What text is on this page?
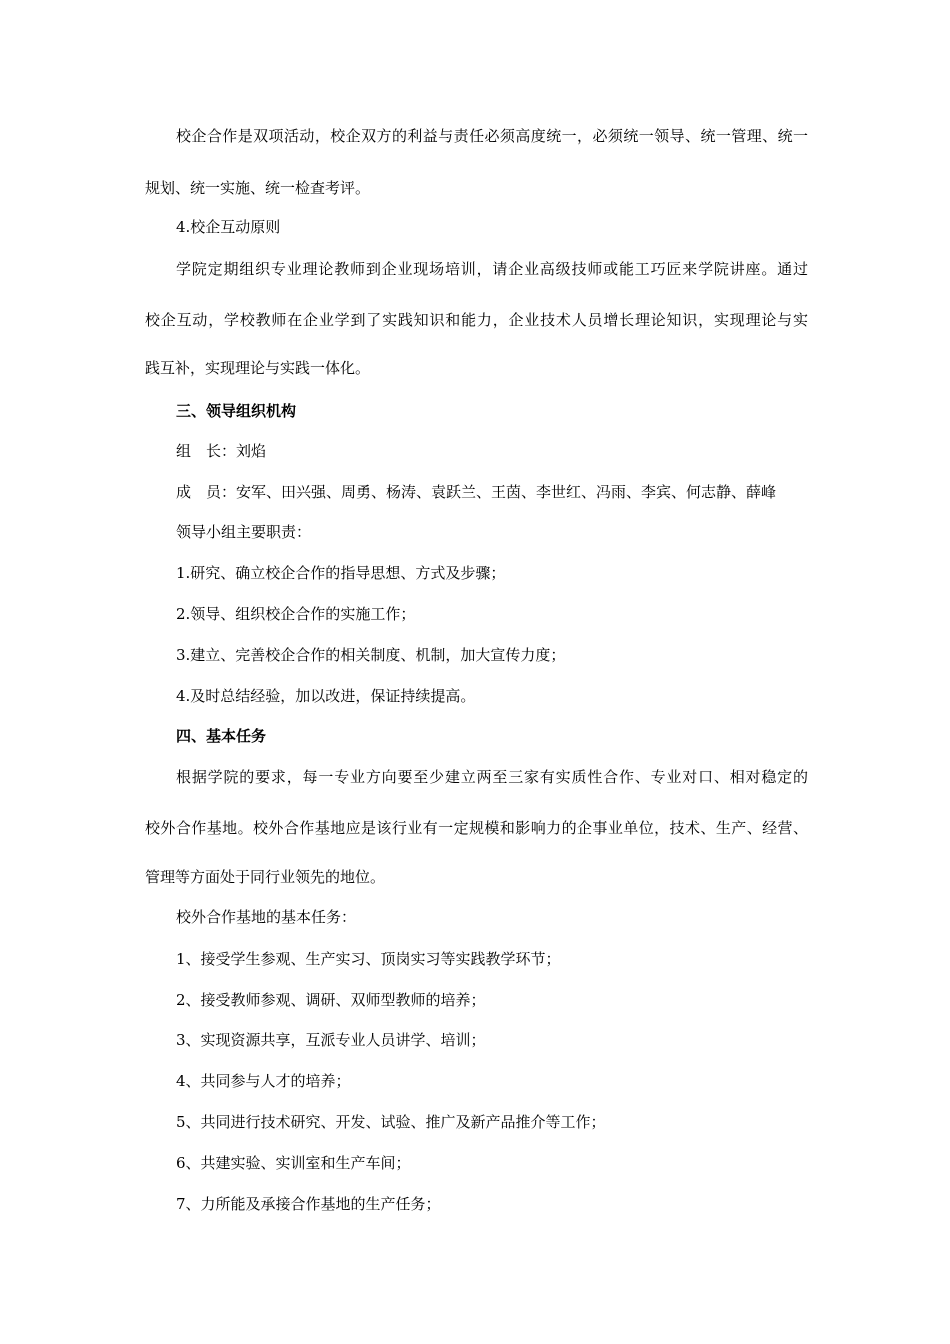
校企合作是双项活动，校企双方的利益与责任必须高度统一，必须统一领导、统一管理、统一
规划、统一实施、统一检查考评。
4.校企互动原则
学院定期组织专业理论教师到企业现场培训，请企业高级技师或能工巧匠来学院讲座。通过
校企互动，学校教师在企业学到了实践知识和能力，企业技术人员增长理论知识，实现理论与实
践互补，实现理论与实践一体化。
三、领导组织机构
组　长：刘焰
成　员：安军、田兴强、周勇、杨涛、袁跃兰、王茵、李世红、冯雨、李宾、何志静、薛峰
领导小组主要职责：
1.研究、确立校企合作的指导思想、方式及步骤；
2.领导、组织校企合作的实施工作；
3.建立、完善校企合作的相关制度、机制，加大宣传力度；
4.及时总结经验，加以改进，保证持续提高。
四、基本任务
根据学院的要求，每一专业方向要至少建立两至三家有实质性合作、专业对口、相对稳定的
校外合作基地。校外合作基地应是该行业有一定规模和影响力的企事业单位，技术、生产、经营、
管理等方面处于同行业领先的地位。
校外合作基地的基本任务：
1、接受学生参观、生产实习、顶岗实习等实践教学环节；
2、接受教师参观、调研、双师型教师的培养；
3、实现资源共享，互派专业人员讲学、培训；
4、共同参与人才的培养；
5、共同进行技术研究、开发、试验、推广及新产品推介等工作；
6、共建实验、实训室和生产车间；
7、力所能及承接合作基地的生产任务；
